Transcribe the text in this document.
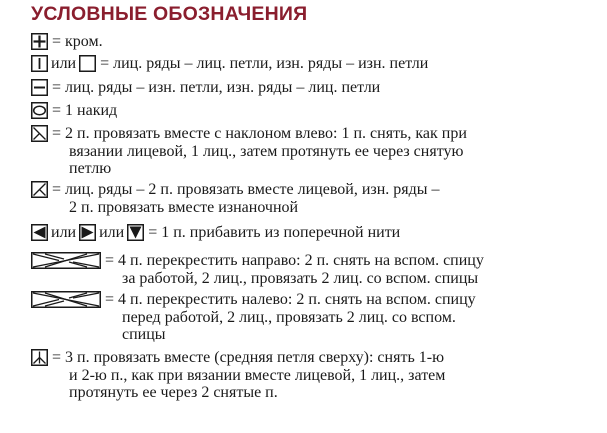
УСЛОВНЫЕ ОБОЗНАЧЕНИЯ
= кром.
или = лиц. ряды – лиц. петли, изн. ряды – изн. петли
= лиц. ряды – изн. петли, изн. ряды – лиц. петли
= 1 накид
= 2 п. провязать вместе с наклоном влево: 1 п. снять, как при
вязании лицевой, 1 лиц., затем протянуть ее через снятую
петлю
= лиц. ряды – 2 п. провязать вместе лицевой, изн. ряды –
2 п. провязать вместе изнаночной
или или = 1 п. прибавить из поперечной нити
= 4 п. перекрестить направо: 2 п. снять на вспом. спицу
за работой, 2 лиц., провязать 2 лиц. со вспом. спицы
= 4 п. перекрестить налево: 2 п. снять на вспом. спицу
перед работой, 2 лиц., провязать 2 лиц. со вспом.
спицы
= 3 п. провязать вместе (средняя петля сверху): снять 1-ю
и 2-ю п., как при вязании вместе лицевой, 1 лиц., затем
протянуть ее через 2 снятые п.
